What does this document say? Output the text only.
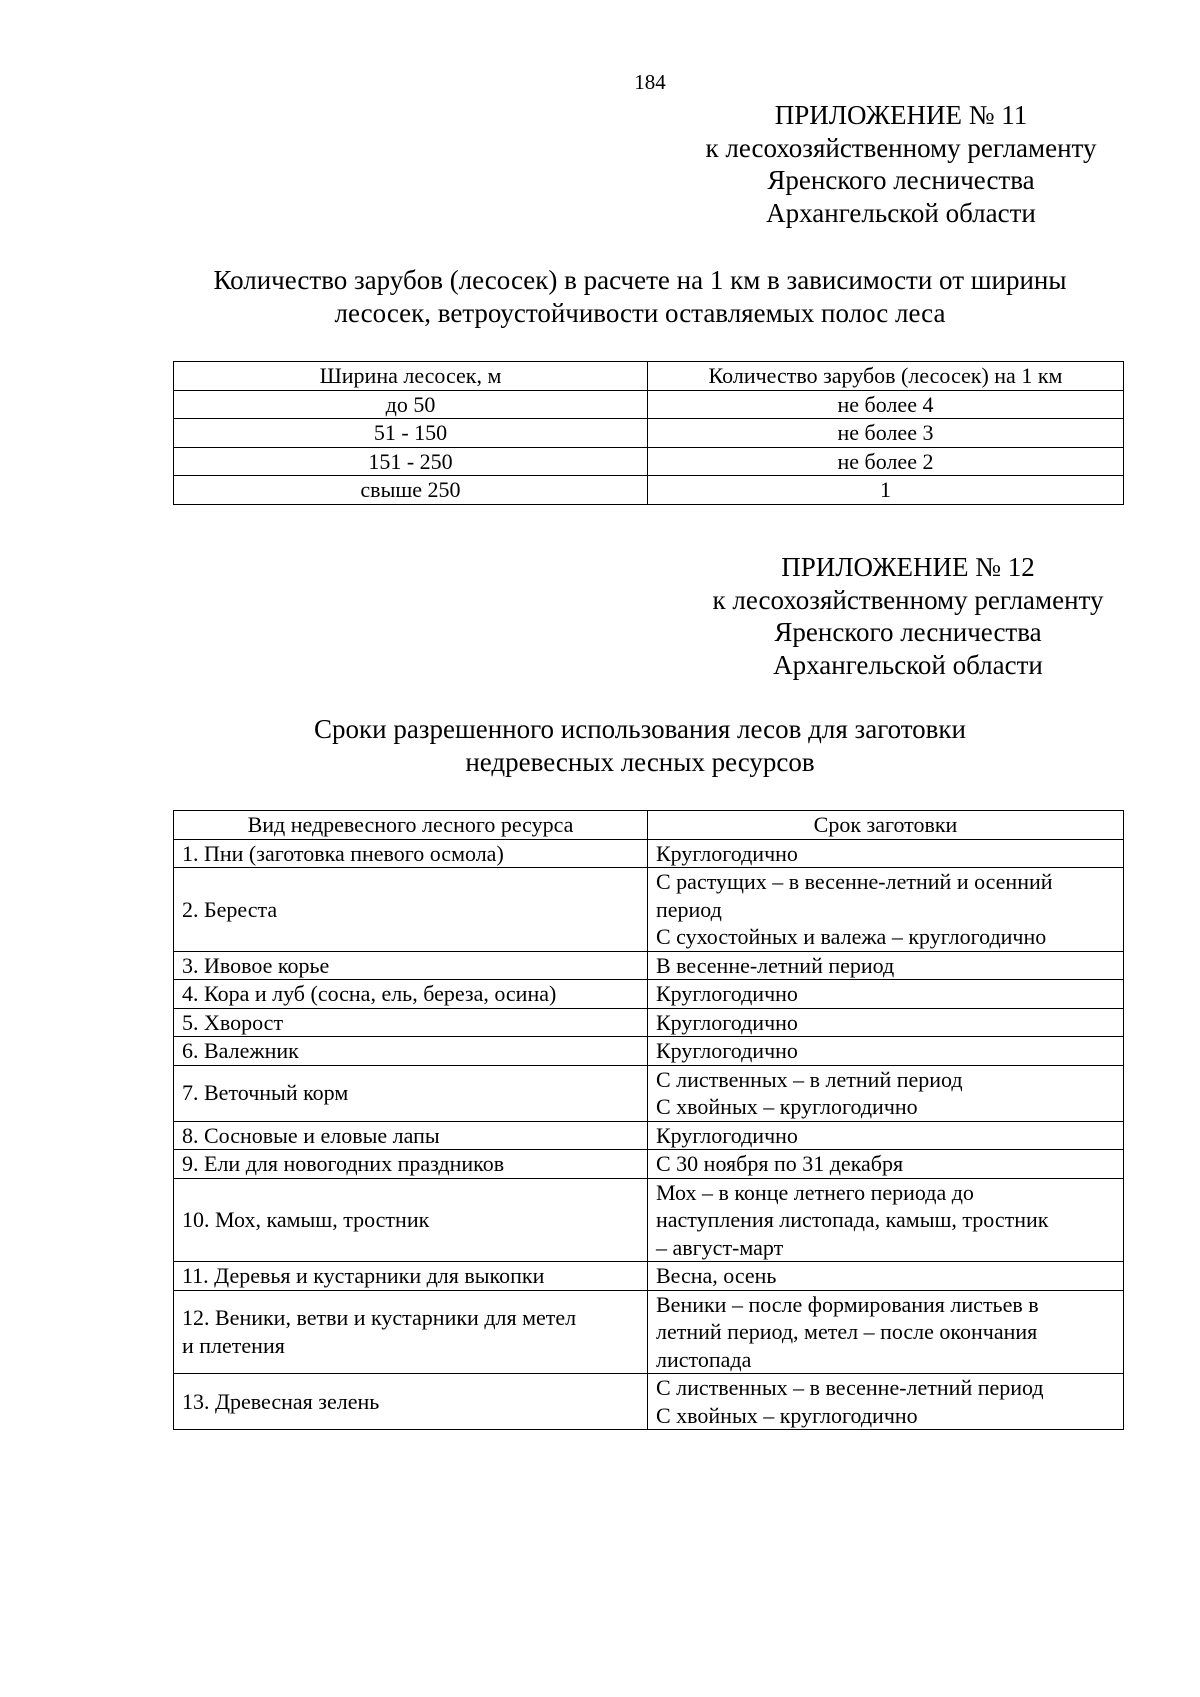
184
ПРИЛОЖЕНИЕ № 11
к лесохозяйственному регламенту
Яренского лесничества
Архангельской области
Количество зарубов (лесосек) в расчете на 1 км в зависимости от ширины
лесосек, ветроустойчивости оставляемых полос леса
Ширина лесосек, м	Количество зарубов (лесосек) на 1 км
до 50	не более 4
51 - 150	не более 3
151 - 250	не более 2
свыше 250	1
ПРИЛОЖЕНИЕ № 12
к лесохозяйственному регламенту
Яренского лесничества
Архангельской области
Сроки разрешенного использования лесов для заготовки
недревесных лесных ресурсов
Вид недревесного лесного ресурса	Срок заготовки

1. Пни (заготовка пневого осмола)	Круглогодично

2. Береста	С растущих – в весенне-летний и осенний
период
С сухостойных и валежа – круглогодично

3. Ивовое корье	В весенне-летний период

4. Кора и луб (сосна, ель, береза, осина)	Круглогодично

5. Хворост	Круглогодично

6. Валежник	Круглогодично

7. Веточный корм	С лиственных – в летний период
С хвойных – круглогодично

8. Сосновые и еловые лапы	Круглогодично

9. Ели для новогодних праздников	С 30 ноября по 31 декабря

10. Мох, камыш, тростник	Мох – в конце летнего периода до
наступления листопада, камыш, тростник
– август-март

11. Деревья и кустарники для выкопки	Весна, осень

12. Веники, ветви и кустарники для метел
и плетения	Веники – после формирования листьев в
летний период, метел – после окончания
листопада

13. Древесная зелень	С лиственных – в весенне-летний период
С хвойных – круглогодично
